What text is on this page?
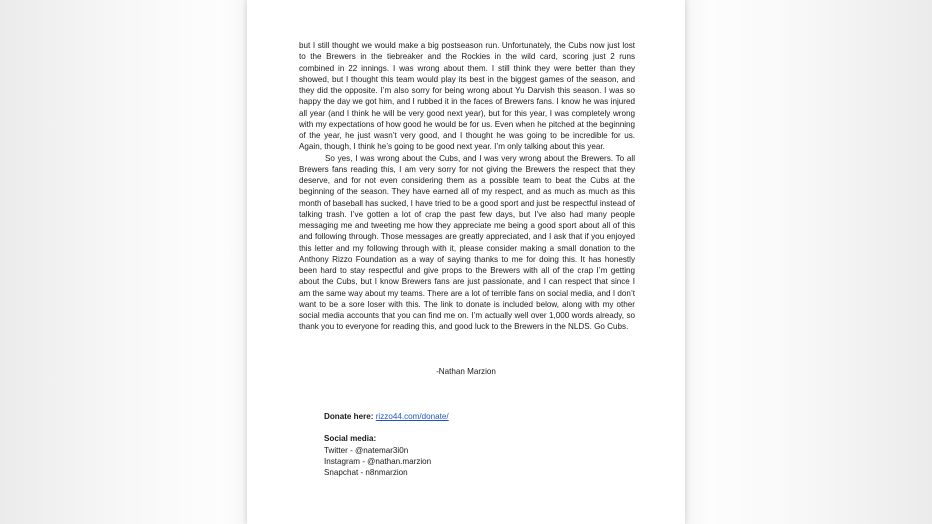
but I still thought we would make a big postseason run. Unfortunately, the Cubs now just lost to the Brewers in the tiebreaker and the Rockies in the wild card, scoring just 2 runs combined in 22 innings. I was wrong about them. I still think they were better than they showed, but I thought this team would play its best in the biggest games of the season, and they did the opposite. I’m also sorry for being wrong about Yu Darvish this season. I was so happy the day we got him, and I rubbed it in the faces of Brewers fans. I know he was injured all year (and I think he will be very good next year), but for this year, I was completely wrong with my expectations of how good he would be for us. Even when he pitched at the beginning of the year, he just wasn’t very good, and I thought he was going to be incredible for us. Again, though, I think he’s going to be good next year. I’m only talking about this year.

So yes, I was wrong about the Cubs, and I was very wrong about the Brewers. To all Brewers fans reading this, I am very sorry for not giving the Brewers the respect that they deserve, and for not even considering them as a possible team to beat the Cubs at the beginning of the season. They have earned all of my respect, and as much as much as this month of baseball has sucked, I have tried to be a good sport and just be respectful instead of talking trash. I’ve gotten a lot of crap the past few days, but I’ve also had many people messaging me and tweeting me how they appreciate me being a good sport about all of this and following through. Those messages are greatly appreciated, and I ask that if you enjoyed this letter and my following through with it, please consider making a small donation to the Anthony Rizzo Foundation as a way of saying thanks to me for doing this. It has honestly been hard to stay respectful and give props to the Brewers with all of the crap I’m getting about the Cubs, but I know Brewers fans are just passionate, and I can respect that since I am the same way about my teams. There are a lot of terrible fans on social media, and I don’t want to be a sore loser with this. The link to donate is included below, along with my other social media accounts that you can find me on. I’m actually well over 1,000 words already, so thank you to everyone for reading this, and good luck to the Brewers in the NLDS. Go Cubs.

-Nathan Marzion
Donate here: rizzo44.com/donate/
Social media:
Twitter - @natemar3i0n
Instagram - @nathan.marzion
Snapchat - n8nmarzion
